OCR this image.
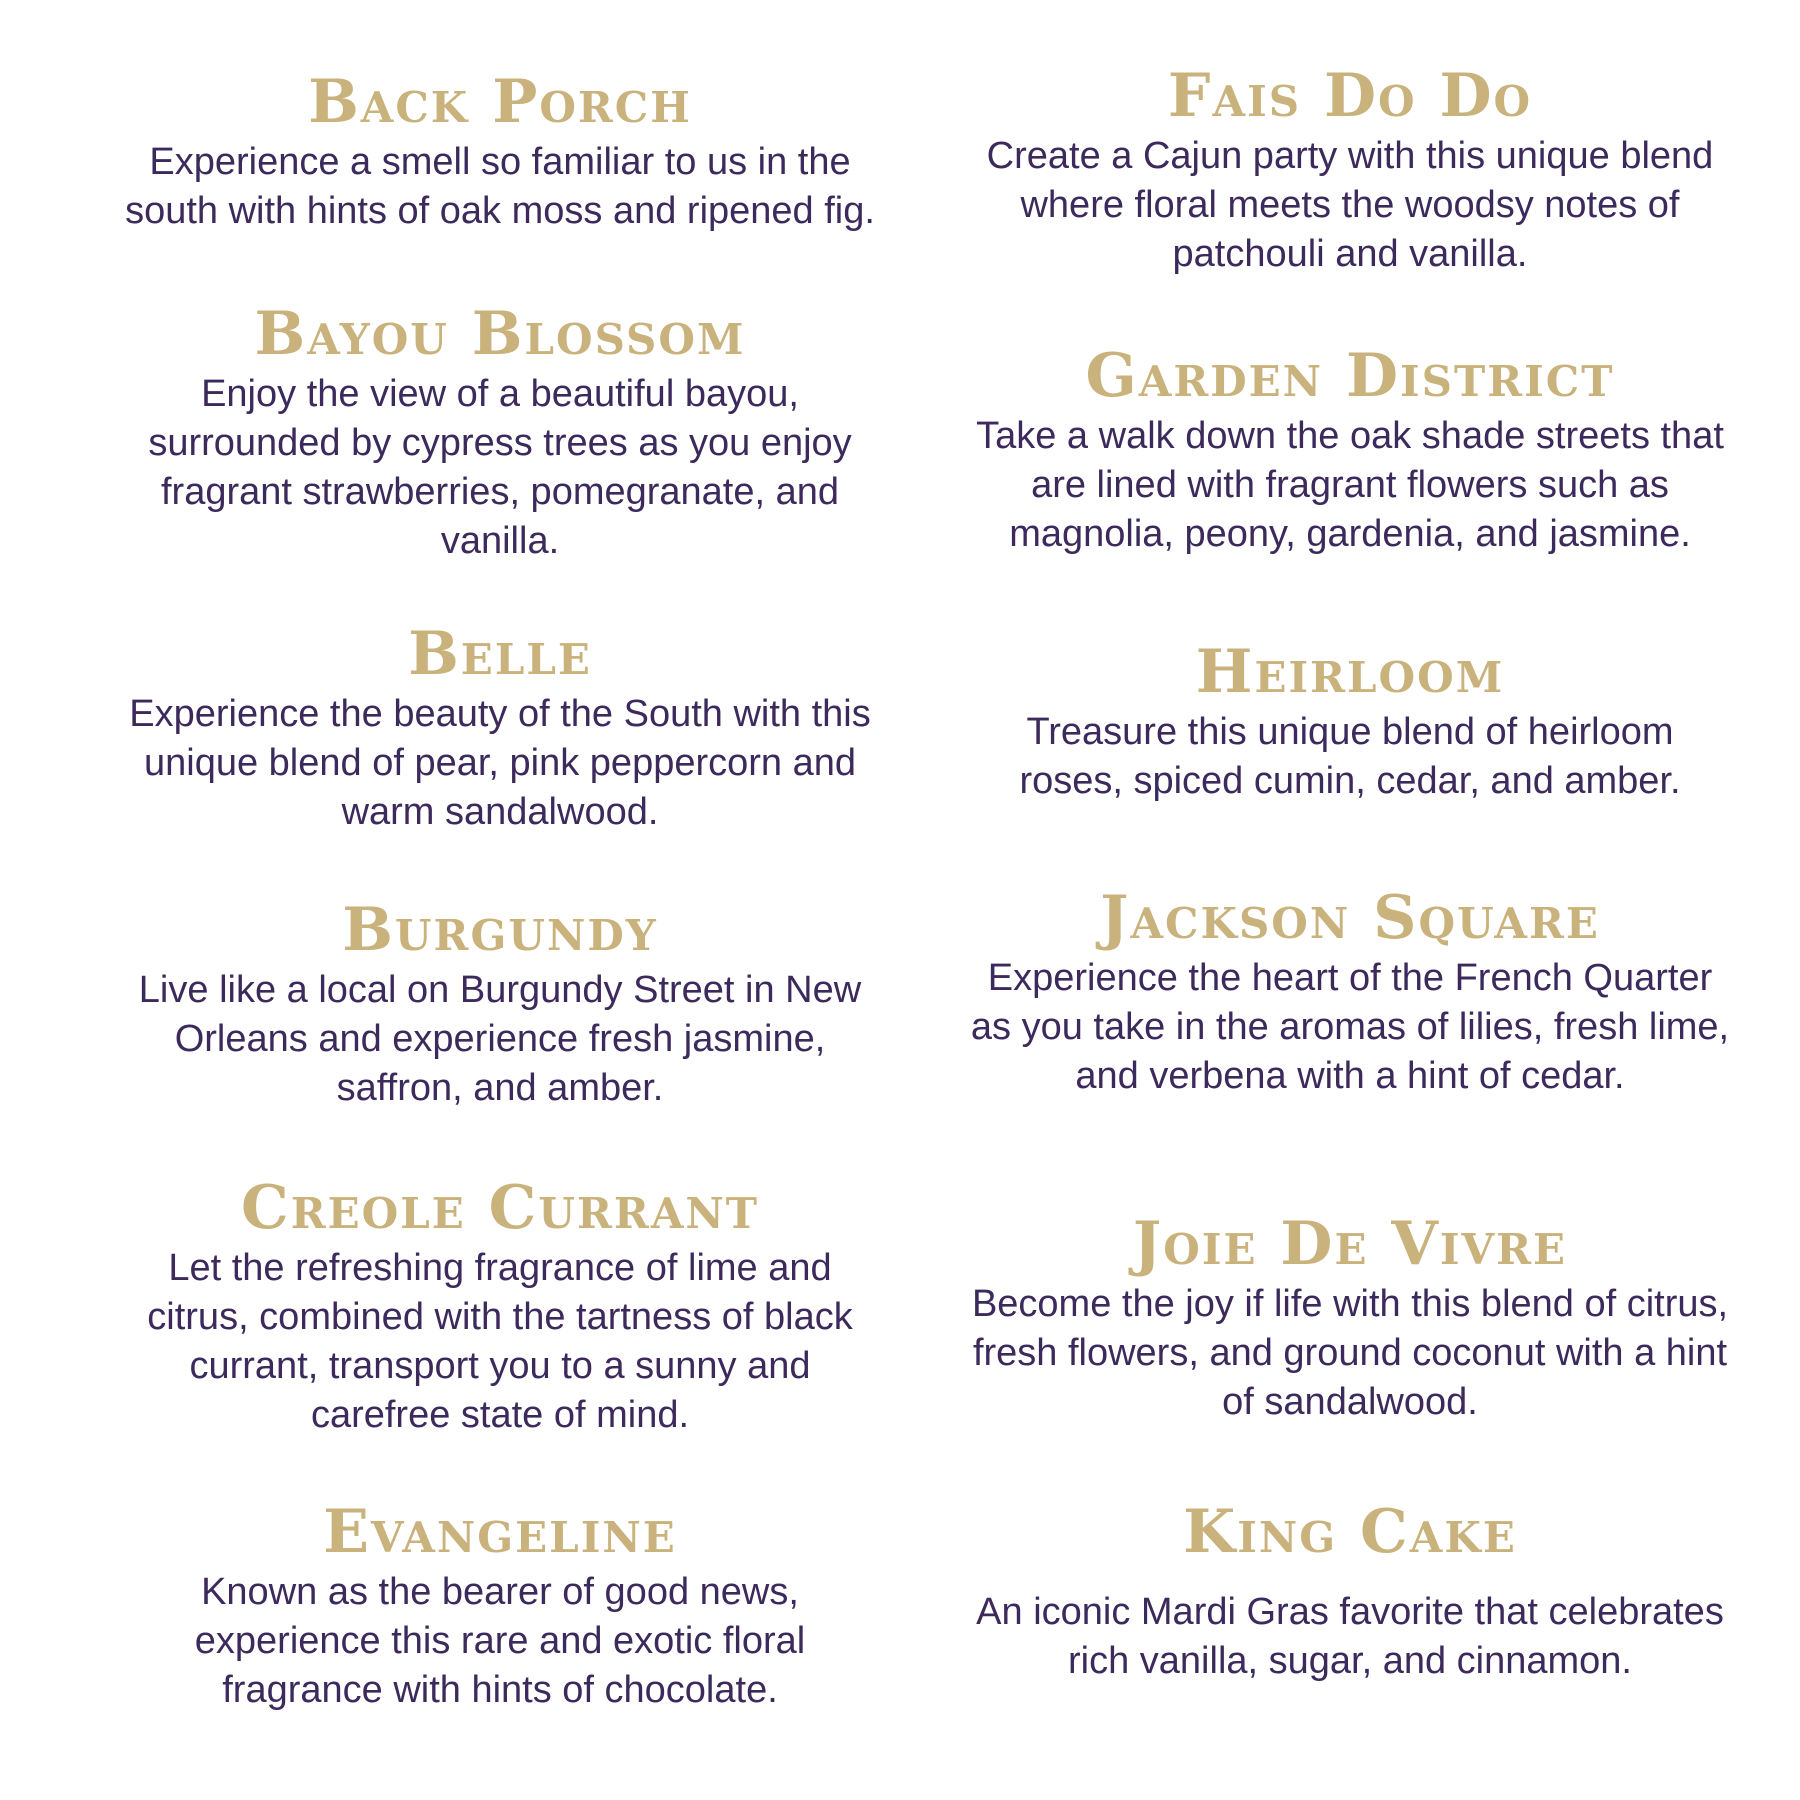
Back Porch

Experience a smell so familiar to us in the south with hints of oak moss and ripened fig.

Bayou Blossom

Enjoy the view of a beautiful bayou, surrounded by cypress trees as you enjoy fragrant strawberries, pomegranate, and vanilla.

Belle

Experience the beauty of the South with this unique blend of pear, pink peppercorn and warm sandalwood.

Burgundy

Live like a local on Burgundy Street in New Orleans and experience fresh jasmine, saffron, and amber.

Creole Currant

Let the refreshing fragrance of lime and citrus, combined with the tartness of black currant, transport you to a sunny and carefree state of mind.

Evangeline

Known as the bearer of good news, experience this rare and exotic floral fragrance with hints of chocolate.

Fais Do Do

Create a Cajun party with this unique blend where floral meets the woodsy notes of patchouli and vanilla.

Garden District

Take a walk down the oak shade streets that are lined with fragrant flowers such as magnolia, peony, gardenia, and jasmine.

Heirloom

Treasure this unique blend of heirloom roses, spiced cumin, cedar, and amber.

Jackson Square

Experience the heart of the French Quarter as you take in the aromas of lilies, fresh lime, and verbena with a hint of cedar.

Joie De Vivre

Become the joy if life with this blend of citrus, fresh flowers, and ground coconut with a hint of sandalwood.

King Cake

An iconic Mardi Gras favorite that celebrates rich vanilla, sugar, and cinnamon.
